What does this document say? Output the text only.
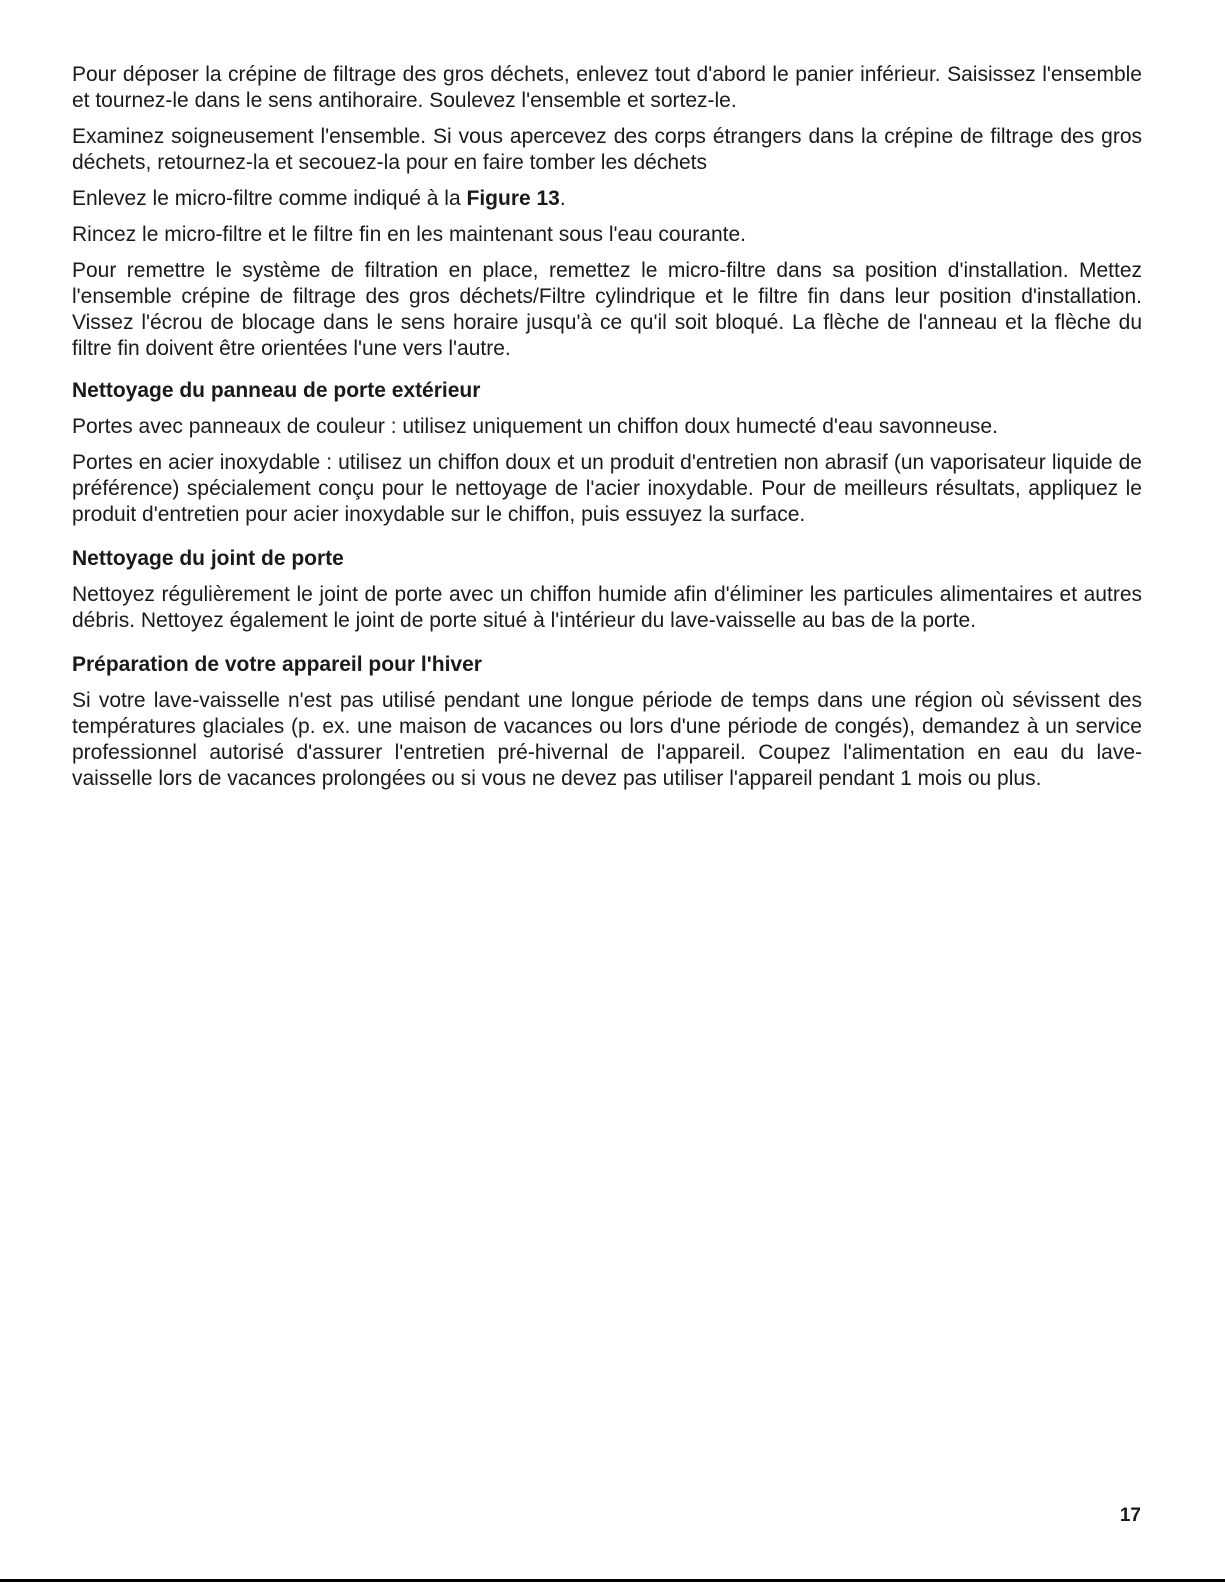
Pour déposer la crépine de filtrage des gros déchets, enlevez tout d'abord le panier inférieur. Saisissez l'ensemble et tournez-le dans le sens antihoraire. Soulevez l'ensemble et sortez-le.

Examinez soigneusement l'ensemble. Si vous apercevez des corps étrangers dans la crépine de filtrage des gros déchets, retournez-la et secouez-la pour en faire tomber les déchets

Enlevez le micro-filtre comme indiqué à la Figure 13.

Rincez le micro-filtre et le filtre fin en les maintenant sous l'eau courante.

Pour remettre le système de filtration en place, remettez le micro-filtre dans sa position d'installation. Mettez l'ensemble crépine de filtrage des gros déchets/Filtre cylindrique et le filtre fin dans leur position d'installation. Vissez l'écrou de blocage dans le sens horaire jusqu'à ce qu'il soit bloqué. La flèche de l'anneau et la flèche du filtre fin doivent être orientées l'une vers l'autre.

Nettoyage du panneau de porte extérieur

Portes avec panneaux de couleur : utilisez uniquement un chiffon doux humecté d'eau savonneuse.

Portes en acier inoxydable : utilisez un chiffon doux et un produit d'entretien non abrasif (un vaporisateur liquide de préférence) spécialement conçu pour le nettoyage de l'acier inoxydable. Pour de meilleurs résultats, appliquez le produit d'entretien pour acier inoxydable sur le chiffon, puis essuyez la surface.

Nettoyage du joint de porte

Nettoyez régulièrement le joint de porte avec un chiffon humide afin d'éliminer les particules alimentaires et autres débris. Nettoyez également le joint de porte situé à l'intérieur du lave-vaisselle au bas de la porte.

Préparation de votre appareil pour l'hiver

Si votre lave-vaisselle n'est pas utilisé pendant une longue période de temps dans une région où sévissent des températures glaciales (p. ex. une maison de vacances ou lors d'une période de congés), demandez à un service professionnel autorisé d'assurer l'entretien pré-hivernal de l'appareil. Coupez l'alimentation en eau du lave-vaisselle lors de vacances prolongées ou si vous ne devez pas utiliser l'appareil pendant 1 mois ou plus.

17
